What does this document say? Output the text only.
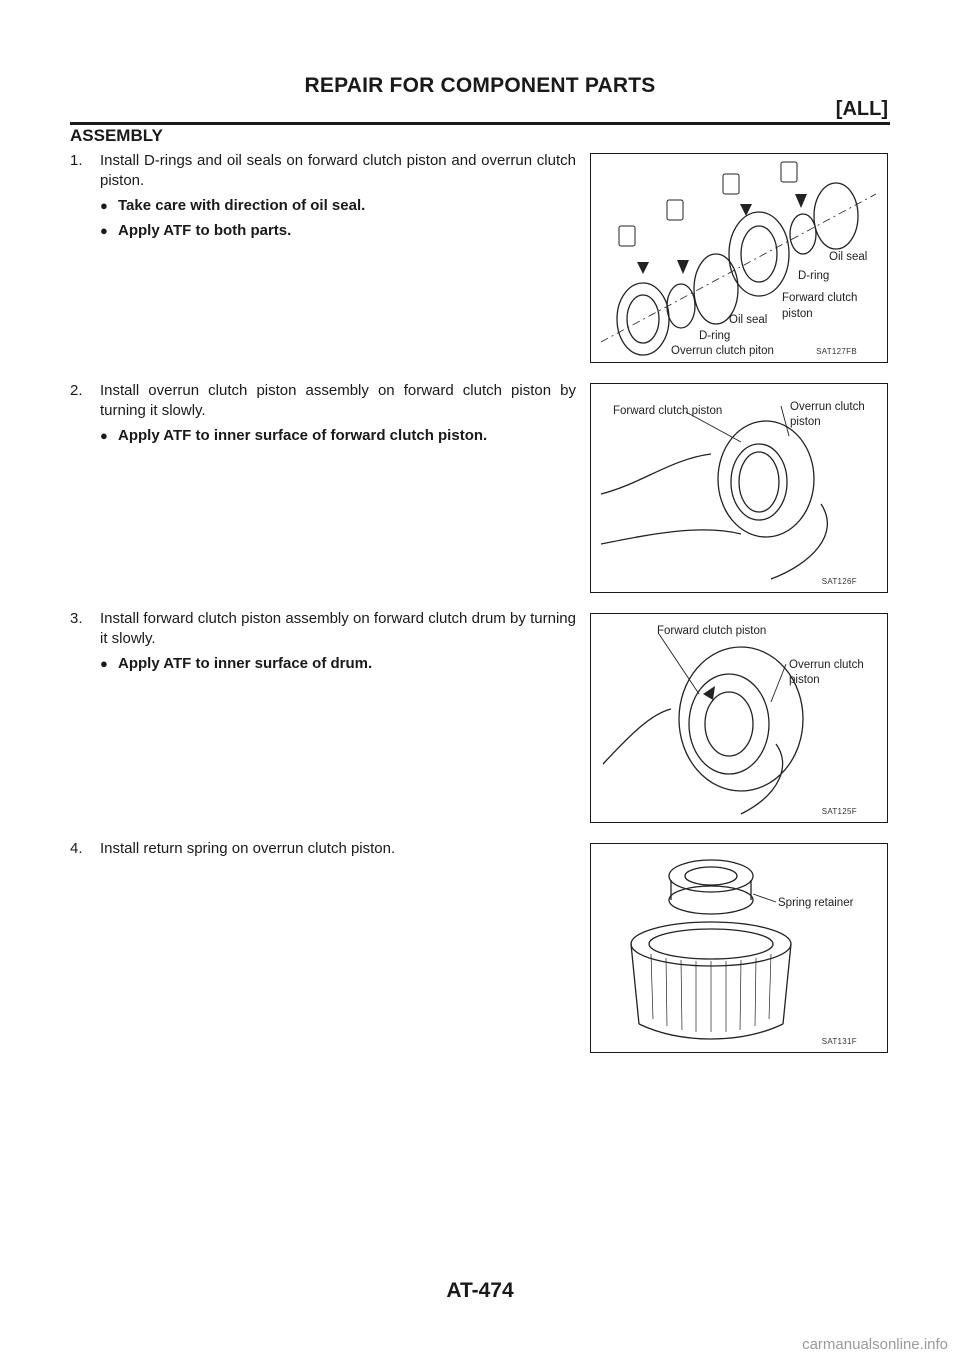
REPAIR FOR COMPONENT PARTS
[ALL]
ASSEMBLY
1.	Install D-rings and oil seals on forward clutch piston and overrun clutch piston.
● Take care with direction of oil seal.
● Apply ATF to both parts.
2.	Install overrun clutch piston assembly on forward clutch piston by turning it slowly.
● Apply ATF to inner surface of forward clutch piston.
3.	Install forward clutch piston assembly on forward clutch drum by turning it slowly.
● Apply ATF to inner surface of drum.
4.	Install return spring on overrun clutch piston.
Oil seal
D-ring
Forward clutch
piston
Oil seal
D-ring
Overrun clutch piton	SAT127FB
Forward clutch piston	Overrun clutch
piston
SAT126F
Forward clutch piston
Overrun clutch
piston
SAT125F
Spring retainer
SAT131F
AT-474
carmanualsonline.info
